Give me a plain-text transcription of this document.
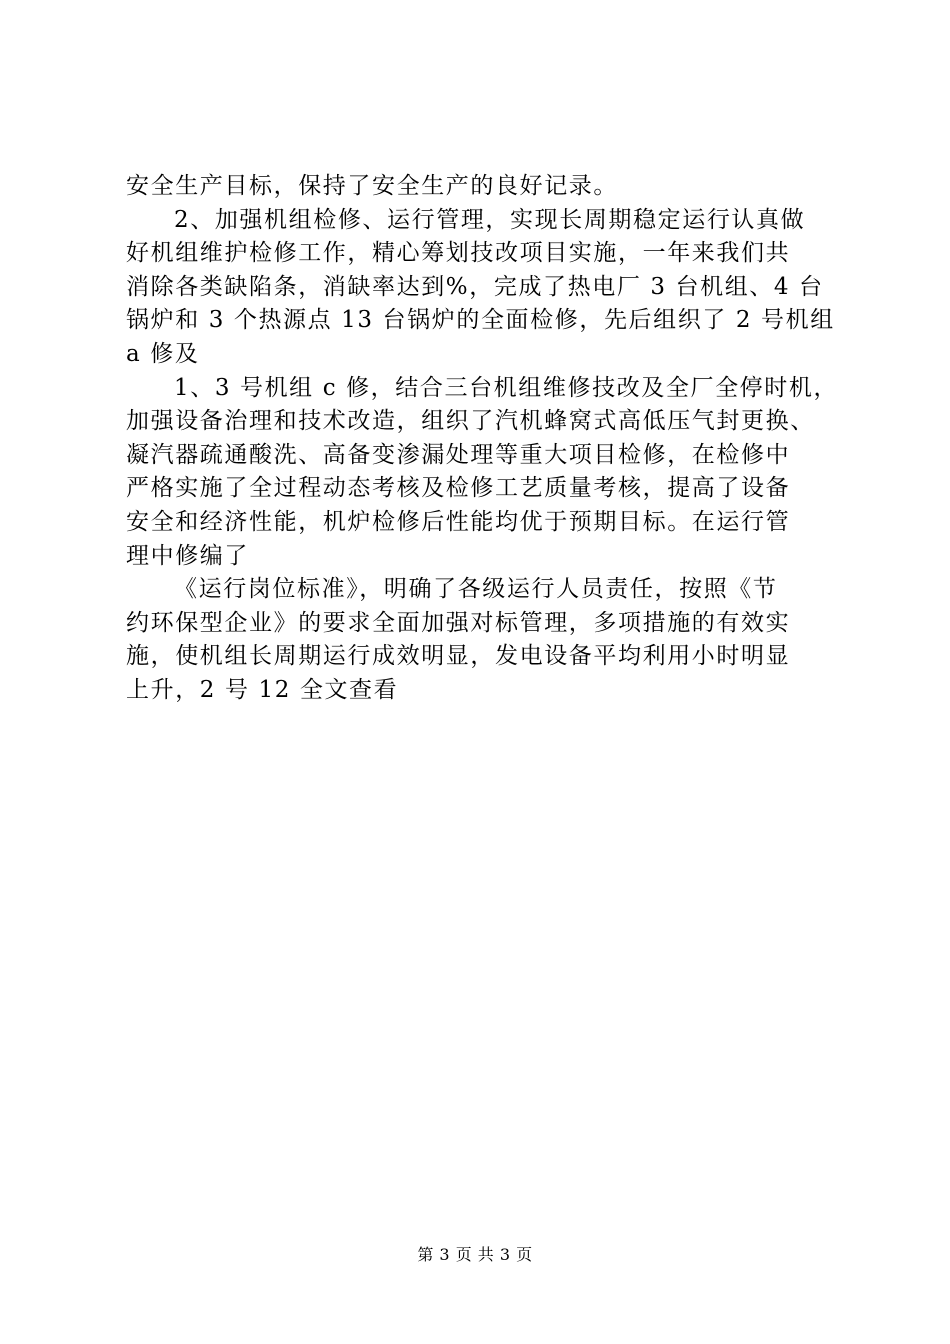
安全生产目标，保持了安全生产的良好记录。
2、加强机组检修、运行管理，实现长周期稳定运行认真做
好机组维护检修工作，精心筹划技改项目实施，一年来我们共
消除各类缺陷条，消缺率达到%，完成了热电厂 3 台机组、4 台
锅炉和 3 个热源点 13 台锅炉的全面检修，先后组织了 2 号机组
a 修及
1、3 号机组 c 修，结合三台机组维修技改及全厂全停时机，
加强设备治理和技术改造，组织了汽机蜂窝式高低压气封更换、
凝汽器疏通酸洗、高备变渗漏处理等重大项目检修，在检修中
严格实施了全过程动态考核及检修工艺质量考核，提高了设备
安全和经济性能，机炉检修后性能均优于预期目标。在运行管
理中修编了
《运行岗位标准》，明确了各级运行人员责任，按照《节
约环保型企业》的要求全面加强对标管理，多项措施的有效实
施，使机组长周期运行成效明显，发电设备平均利用小时明显
上升，2 号 12 全文查看
第 3 页 共 3 页
